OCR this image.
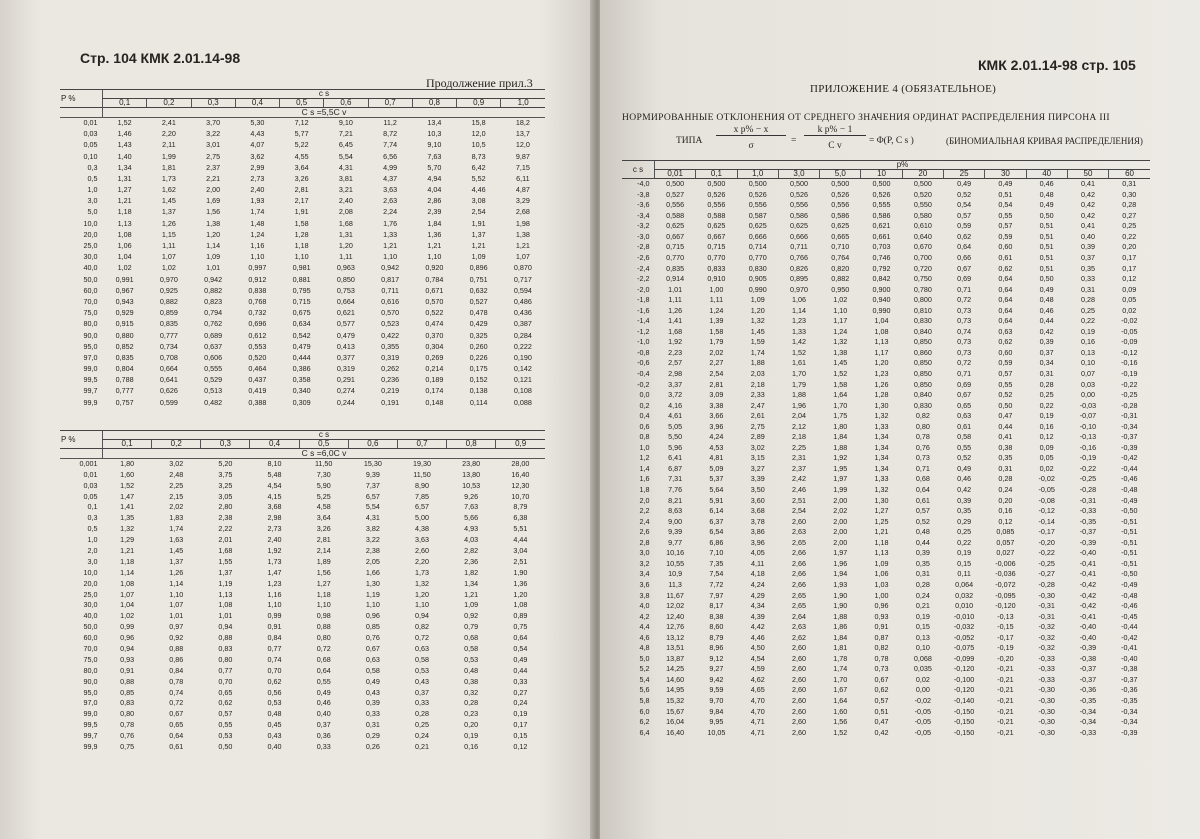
Стр. 104 КМК 2.01.14-98
Продолжение прил.3
P %	c s									
	0,1	0,2	0,3	0,4	0,5	0,6	0,7	0,8	0,9	1,0
	C s =5,5C v									
0,01	1,52	2,41	3,70	5,30	7,12	9,10	11,2	13,4	15,8	18,2
0,03	1,46	2,20	3,22	4,43	5,77	7,21	8,72	10,3	12,0	13,7
0,05	1,43	2,11	3,01	4,07	5,22	6,45	7,74	9,10	10,5	12,0
0,10	1,40	1,99	2,75	3,62	4,55	5,54	6,56	7,63	8,73	9,87
0,3	1,34	1,81	2,37	2,99	3,64	4,31	4,99	5,70	6,42	7,15
0,5	1,31	1,73	2,21	2,73	3,26	3,81	4,37	4,94	5,52	6,11
1,0	1,27	1,62	2,00	2,40	2,81	3,21	3,63	4,04	4,46	4,87
3,0	1,21	1,45	1,69	1,93	2,17	2,40	2,63	2,86	3,08	3,29
5,0	1,18	1,37	1,56	1,74	1,91	2,08	2,24	2,39	2,54	2,68
10,0	1,13	1,26	1,38	1,48	1,58	1,68	1,76	1,84	1,91	1,98
20,0	1,08	1,15	1,20	1,24	1,28	1,31	1,33	1,36	1,37	1,38
25,0	1,06	1,11	1,14	1,16	1,18	1,20	1,21	1,21	1,21	1,21
30,0	1,04	1,07	1,09	1,10	1,10	1,11	1,10	1,10	1,09	1,07
40,0	1,02	1,02	1,01	0,997	0,981	0,963	0,942	0,920	0,896	0,870
50,0	0,991	0,970	0,942	0,912	0,881	0,850	0,817	0,784	0,751	0,717
60,0	0,967	0,925	0,882	0,838	0,795	0,753	0,711	0,671	0,632	0,594
70,0	0,943	0,882	0,823	0,768	0,715	0,664	0,616	0,570	0,527	0,486
75,0	0,929	0,859	0,794	0,732	0,675	0,621	0,570	0,522	0,478	0,436
80,0	0,915	0,835	0,762	0,696	0,634	0,577	0,523	0,474	0,429	0,387
90,0	0,880	0,777	0,689	0,612	0,542	0,479	0,422	0,370	0,325	0,284
95,0	0,852	0,734	0,637	0,553	0,479	0,413	0,355	0,304	0,260	0,222
97,0	0,835	0,708	0,606	0,520	0,444	0,377	0,319	0,269	0,226	0,190
99,0	0,804	0,664	0,555	0,464	0,386	0,319	0,262	0,214	0,175	0,142
99,5	0,788	0,641	0,529	0,437	0,358	0,291	0,236	0,189	0,152	0,121
99,7	0,777	0,626	0,513	0,419	0,340	0,274	0,219	0,174	0,138	0,108
99,9	0,757	0,599	0,482	0,388	0,309	0,244	0,191	0,148	0,114	0,088
P %	c s								
	0,1	0,2	0,3	0,4	0,5	0,6	0,7	0,8	0,9
	C s =6,0C v								
0,001	1,80	3,02	5,20	8,10	11,50	15,30	19,30	23,80	28,00
0,01	1,60	2,48	3,75	5,48	7,30	9,39	11,50	13,80	16,40
0,03	1,52	2,25	3,25	4,54	5,90	7,37	8,90	10,53	12,30
0,05	1,47	2,15	3,05	4,15	5,25	6,57	7,85	9,26	10,70
0,1	1,41	2,02	2,80	3,68	4,58	5,54	6,57	7,63	8,79
0,3	1,35	1,83	2,38	2,98	3,64	4,31	5,00	5,66	6,38
0,5	1,32	1,74	2,22	2,73	3,26	3,82	4,38	4,93	5,51
1,0	1,29	1,63	2,01	2,40	2,81	3,22	3,63	4,03	4,44
2,0	1,21	1,45	1,68	1,92	2,14	2,38	2,60	2,82	3,04
3,0	1,18	1,37	1,55	1,73	1,89	2,05	2,20	2,36	2,51
10,0	1,14	1,26	1,37	1,47	1,56	1,66	1,73	1,82	1,90
20,0	1,08	1,14	1,19	1,23	1,27	1,30	1,32	1,34	1,36
25,0	1,07	1,10	1,13	1,16	1,18	1,19	1,20	1,21	1,20
30,0	1,04	1,07	1,08	1,10	1,10	1,10	1,10	1,09	1,08
40,0	1,02	1,01	1,01	0,99	0,98	0,96	0,94	0,92	0,89
50,0	0,99	0,97	0,94	0,91	0,88	0,85	0,82	0,79	0,75
60,0	0,96	0,92	0,88	0,84	0,80	0,76	0,72	0,68	0,64
70,0	0,94	0,88	0,83	0,77	0,72	0,67	0,63	0,58	0,54
75,0	0,93	0,86	0,80	0,74	0,68	0,63	0,58	0,53	0,49
80,0	0,91	0,84	0,77	0,70	0,64	0,58	0,53	0,48	0,44
90,0	0,88	0,78	0,70	0,62	0,55	0,49	0,43	0,38	0,33
95,0	0,85	0,74	0,65	0,56	0,49	0,43	0,37	0,32	0,27
97,0	0,83	0,72	0,62	0,53	0,46	0,39	0,33	0,28	0,24
99,0	0,80	0,67	0,57	0,48	0,40	0,33	0,28	0,23	0,19
99,5	0,78	0,65	0,55	0,45	0,37	0,31	0,25	0,20	0,17
99,7	0,76	0,64	0,53	0,43	0,36	0,29	0,24	0,19	0,15
99,9	0,75	0,61	0,50	0,40	0,33	0,26	0,21	0,16	0,12
КМК 2.01.14-98 стр. 105
ПРИЛОЖЕНИЕ 4 (ОБЯЗАТЕЛЬНОЕ)
НОРМИРОВАННЫЕ ОТКЛОНЕНИЯ ОТ СРЕДНЕГО ЗНАЧЕНИЯ ОРДИНАТ РАСПРЕДЕЛЕНИЯ ПИРСОНА III
ТИПА
x p% − x
σ	=
k p% − 1
C v	= Φ(P, C s )	(БИНОМИАЛЬНАЯ КРИВАЯ РАСПРЕДЕЛЕНИЯ)
c s	p%											
	0,01	0,1	1,0	3,0	5,0	10	20	25	30	40	50	60
-4,0	0,500	0,500	0,500	0,500	0,500	0,500	0,500	0,49	0,49	0,46	0,41	0,31
-3,8	0,527	0,526	0,526	0,526	0,526	0,526	0,520	0,52	0,51	0,48	0,42	0,30
-3,6	0,556	0,556	0,556	0,556	0,556	0,555	0,550	0,54	0,54	0,49	0,42	0,28
-3,4	0,588	0,588	0,587	0,586	0,586	0,586	0,580	0,57	0,55	0,50	0,42	0,27
-3,2	0,625	0,625	0,625	0,625	0,625	0,621	0,610	0,59	0,57	0,51	0,41	0,25
-3,0	0,667	0,667	0,666	0,666	0,665	0,661	0,640	0,62	0,59	0,51	0,40	0,22
-2,8	0,715	0,715	0,714	0,711	0,710	0,703	0,670	0,64	0,60	0,51	0,39	0,20
-2,6	0,770	0,770	0,770	0,766	0,764	0,746	0,700	0,66	0,61	0,51	0,37	0,17
-2,4	0,835	0,833	0,830	0,826	0,820	0,792	0,720	0,67	0,62	0,51	0,35	0,17
-2,2	0,914	0,910	0,905	0,895	0,882	0,842	0,750	0,69	0,64	0,50	0,33	0,12
-2,0	1,01	1,00	0,990	0,970	0,950	0,900	0,780	0,71	0,64	0,49	0,31	0,09
-1,8	1,11	1,11	1,09	1,06	1,02	0,940	0,800	0,72	0,64	0,48	0,28	0,05
-1,6	1,26	1,24	1,20	1,14	1,10	0,990	0,810	0,73	0,64	0,46	0,25	0,02
-1,4	1,41	1,39	1,32	1,23	1,17	1,04	0,830	0,73	0,64	0,44	0,22	-0,02
-1,2	1,68	1,58	1,45	1,33	1,24	1,08	0,840	0,74	0,63	0,42	0,19	-0,05
-1,0	1,92	1,79	1,59	1,42	1,32	1,13	0,850	0,73	0,62	0,39	0,16	-0,09
-0,8	2,23	2,02	1,74	1,52	1,38	1,17	0,860	0,73	0,60	0,37	0,13	-0,12
-0,6	2,57	2,27	1,88	1,61	1,45	1,20	0,850	0,72	0,59	0,34	0,10	-0,16
-0,4	2,98	2,54	2,03	1,70	1,52	1,23	0,850	0,71	0,57	0,31	0,07	-0,19
-0,2	3,37	2,81	2,18	1,79	1,58	1,26	0,850	0,69	0,55	0,28	0,03	-0,22
0,0	3,72	3,09	2,33	1,88	1,64	1,28	0,840	0,67	0,52	0,25	0,00	-0,25
0,2	4,16	3,38	2,47	1,96	1,70	1,30	0,830	0,65	0,50	0,22	-0,03	-0,28
0,4	4,61	3,66	2,61	2,04	1,75	1,32	0,82	0,63	0,47	0,19	-0,07	-0,31
0,6	5,05	3,96	2,75	2,12	1,80	1,33	0,80	0,61	0,44	0,16	-0,10	-0,34
0,8	5,50	4,24	2,89	2,18	1,84	1,34	0,78	0,58	0,41	0,12	-0,13	-0,37
1,0	5,96	4,53	3,02	2,25	1,88	1,34	0,76	0,55	0,38	0,09	-0,16	-0,39
1,2	6,41	4,81	3,15	2,31	1,92	1,34	0,73	0,52	0,35	0,05	-0,19	-0,42
1,4	6,87	5,09	3,27	2,37	1,95	1,34	0,71	0,49	0,31	0,02	-0,22	-0,44
1,6	7,31	5,37	3,39	2,42	1,97	1,33	0,68	0,46	0,28	-0,02	-0,25	-0,46
1,8	7,76	5,64	3,50	2,46	1,99	1,32	0,64	0,42	0,24	-0,05	-0,28	-0,48
2,0	8,21	5,91	3,60	2,51	2,00	1,30	0,61	0,39	0,20	-0,08	-0,31	-0,49
2,2	8,63	6,14	3,68	2,54	2,02	1,27	0,57	0,35	0,16	-0,12	-0,33	-0,50
2,4	9,00	6,37	3,78	2,60	2,00	1,25	0,52	0,29	0,12	-0,14	-0,35	-0,51
2,6	9,39	6,54	3,86	2,63	2,00	1,21	0,48	0,25	0,085	-0,17	-0,37	-0,51
2,8	9,77	6,86	3,96	2,65	2,00	1,18	0,44	0,22	0,057	-0,20	-0,39	-0,51
3,0	10,16	7,10	4,05	2,66	1,97	1,13	0,39	0,19	0,027	-0,22	-0,40	-0,51
3,2	10,55	7,35	4,11	2,66	1,96	1,09	0,35	0,15	-0,006	-0,25	-0,41	-0,51
3,4	10,9	7,54	4,18	2,66	1,94	1,06	0,31	0,11	-0,036	-0,27	-0,41	-0,50
3,6	11,3	7,72	4,24	2,66	1,93	1,03	0,28	0,064	-0,072	-0,28	-0,42	-0,49
3,8	11,67	7,97	4,29	2,65	1,90	1,00	0,24	0,032	-0,095	-0,30	-0,42	-0,48
4,0	12,02	8,17	4,34	2,65	1,90	0,96	0,21	0,010	-0,120	-0,31	-0,42	-0,46
4,2	12,40	8,38	4,39	2,64	1,88	0,93	0,19	-0,010	-0,13	-0,31	-0,41	-0,45
4,4	12,76	8,60	4,42	2,63	1,86	0,91	0,15	-0,032	-0,15	-0,32	-0,40	-0,44
4,6	13,12	8,79	4,46	2,62	1,84	0,87	0,13	-0,052	-0,17	-0,32	-0,40	-0,42
4,8	13,51	8,96	4,50	2,60	1,81	0,82	0,10	-0,075	-0,19	-0,32	-0,39	-0,41
5,0	13,87	9,12	4,54	2,60	1,78	0,78	0,068	-0,099	-0,20	-0,33	-0,38	-0,40
5,2	14,25	9,27	4,59	2,60	1,74	0,73	0,035	-0,120	-0,21	-0,33	-0,37	-0,38
5,4	14,60	9,42	4,62	2,60	1,70	0,67	0,02	-0,100	-0,21	-0,33	-0,37	-0,37
5,6	14,95	9,59	4,65	2,60	1,67	0,62	0,00	-0,120	-0,21	-0,30	-0,36	-0,36
5,8	15,32	9,70	4,70	2,60	1,64	0,57	-0,02	-0,140	-0,21	-0,30	-0,35	-0,35
6,0	15,67	9,84	4,70	2,60	1,60	0,51	-0,05	-0,150	-0,21	-0,30	-0,34	-0,34
6,2	16,04	9,95	4,71	2,60	1,56	0,47	-0,05	-0,150	-0,21	-0,30	-0,34	-0,34
6,4	16,40	10,05	4,71	2,60	1,52	0,42	-0,05	-0,150	-0,21	-0,30	-0,33	-0,39
